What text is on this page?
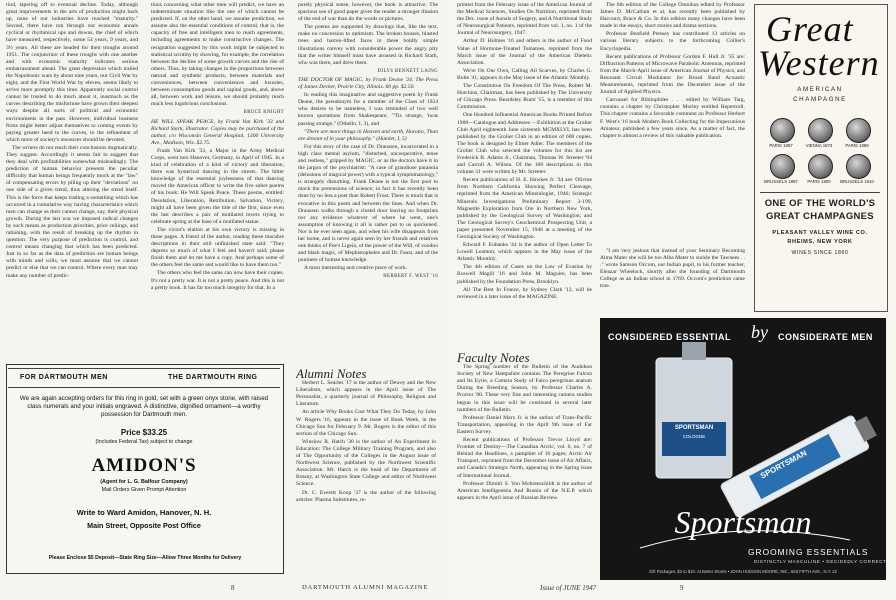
riod, tapering off to eventual decline. Today, although great improvements in the arts of production might back up, none of our industries have reached "maturity." Second, there have run through our economic annals cyclical or rhythmical ups and downs, the chief of which have measured, respectively, some 54 years, 9 years, and 3½ years. All these are headed for their troughs around 1951. The conjuncture of these troughs with one another and with economic maturity indicates serious embarrassment ahead. The great depression which trailed the Napoleonic wars by about nine years, our Civil War by eight, and the First World War by eleven, seems likely to arrive more promptly this time. Apparently social control cannot be trusted to do much about it, inasmuch as the curves describing the misfortune have grown their deepest ways despite all sorts of political and economic environments in the past. However, individual business firms might better adjust themselves to coming events by paying greater heed to the curves, to the refinement of which more of society's resources should be devoted.

The writers do not reach their conclusions dogmatically. They suggest. Accordingly it seems fair to suggest that they deal with profitabilities somewhat misleadingly. The prediction of human behavior presents the peculiar difficulty that human beings frequently mock at the "law" of compensating errors by piling up their "deviations" on one side of a given trend, thus altering the trend itself. This is the force that keeps trading a something which has occurred in a cumulative way having characteristics which men can change as their cannot change, say, their physical growth. During the last war we imposed radical changes by such means as production priorities, price ceilings, and rationing, with the result of breaking up the rhythm in question. The very purpose of prediction is control, and control means changing that which has been predicted. Just in so far as the data of prediction are human beings with minds and wills, we must assume that we cannot predict or else that we can control. Where every man may make any number of predic-

tions concerning what other men will predict, we have an indeterminate situation like the one of which cannot be predicted. If, on the other hand, we assume prediction, we assume also the essential conditions of control, that is, the capacity of free and intelligent men to reach agreements, including agreements to make constructive changes. The resignation suggested by this work might be subjected to statistical scrutiny by showing, for example, the correlation between the decline of some growth curves and the rise of others. Thus, by taking changes in the proportions between natural and synthetic products, between materials and conveniences, between conveniences and luxuries, between consumption goods and capital goods, and, above all, between work and leisure, we should probably reach much less lugubrious conclusions.

BRUCE KNIGHT

HE WILL SPEAK PEACE, by Frank Van Kirk '33 and Richard Stark, illustrator. Copies may be purchased of the author, c/o Wisconsin General Hospital, 1300 University Ave., Madison, Wis. $2.75.

Frank Van Kirk '33, a Major in the Army Medical Corps, went into Hanover, Germany, in April of 1945. In a kind of celebration of a kind of victory and liberation, there was hysterical dancing in the streets. The bitter knowledge of the essential joylessness of that dancing moved the American officer to write the five sober poems of his book: He Will Speak Peace. These poems, entitled: Desolation, Liberation, Retribution, Salvation, Victory, might all have been given the title of the first, since even the last describes a pair of mutilated lovers trying to celebrate spring at the base of a mutilated statue.

The victor's elation at his own victory is missing in these pages. A friend of the author, reading these macabre descriptions in their still unfinished state said: "They depress so much of what I feel and haven't said; please finish them and let me have a copy. And perhaps some of the others feel the same and would like to have them too."

The others who feel the same can now have their copies. It's not a pretty war. It is not a pretty peace. And this is not a pretty book. It has far too much integrity for that. In a

purely physical sense, however, the book is attractive. The spacious use of good paper gives the reader a stronger illusion of the end of war than do the words or pictures.

The poems are supported by drawings that, like the text, make no concession to optimism. The broken houses, blasted trees and barren-lifted faces in these boldly simple illustrations convey with considerable power the angry pity that the writer himself must have aroused in Richard Stark, who was there, and drew them.

DILYS BENNETT LAING

THE DOCTOR OF MAGIC, by Frank Deane '24. The Press of James Decker, Prairie City, Illinois. 60 pp. $2.50.

In reading this imaginative and suggestive poem by Frank Deane, the pseudonym for a member of the Class of 1924 who desires to be nameless, I was reminded of two well known quotations from Shakespeare, "'Tis strange, 'twas passing strange," (Othello, I, 3), and

"There are more things in Heaven and earth, Horatio, Than are dreamt of in your philosophy." (Hamlet, I, 5)

For this story of the case of Dr. Draussen, incarcerated in a high class mental asylum, "disturbed, uncooperative, tense and restless," gripped by MAGIC, or as the doctors have it in the jargon of the psychiatrist: "A case of grandiose paranoia (delusions of magical power) with a typical symptomatology," is strangely disturbing. Frank Deane is not the first poet to mock the pretensions of science; in fact it has recently been done by no less a poet than Robert Frost. There is much that is evocative in this poem and between the lines. And when Dr. Draussen walks through a closed door leaving no footprints nor any evidence whatever of where he went, one's assumption of knowing it all is rather put to us quickened. Nor is he ever seen again, and when his wife disappears from her home, and is never again seen by her friends and relatives one thinks of Poe's Ligeia, of the power of the Will, of voodoo and black magic, of Mephistopheles and Dr. Faust, and of the puniness of human knowledge.

A most interesting and creative piece of work.

HERBERT F. WEST '16
FOR DARTMOUTH MEN	THE DARTMOUTH RING
We are again accepting orders for this ring in gold, set with a green onyx stone, with raised class numerals and your initials engraved. A distinctive, dignified ornament—a worthy possession for Dartmouth men.
Price $33.25
(Includes Federal Tax) subject to change
AMIDON'S
(Agent for L. G. Balfour Company)
Mail Orders Given Prompt Attention
Write to Ward Amidon, Hanover, N. H.
Main Street, Opposite Post Office
Please Enclose $5 Deposit—State Ring Size—Allow Three Months for Delivery
Alumni Notes

Herbert L. Searles '17 is the author of Dewey and the New Liberalism, which appears in the April issue of The Personalist, a quarterly journal of Philosophy, Religion and Literature.

An article Why Books Cost What They Do Today, by John W. Rogers '16, appears in the issue of Book Week, in the Chicago Sun for February 9. Mr. Rogers is the editor of this section of the Chicago Sun.

Winslow R. Hatch '30 is the author of An Experiment in Education: The College Military Training Program, and also of The Opportunity of the Colleges in the August issue of Northwest Science, published by the Northwest Scientific Association. Mr. Hatch is the head of the Department of Botany, at Washington State College and editor of Northwest Science.

Dr. C. Everett Koop '37 is the author of the following articles: Plasma Substitutes, re-

8	DARTMOUTH ALUMNI MAGAZINE

printed from the February issue of the American Journal of the Medical Sciences, Studies On Nutrition, reprinted from the Dec. issue of Annals of Surgery, and A Nutritional Study of Neurosurgical Patients, reprinted from vol. 1, no. 1 of the Journal of Neurosurgery, 1947.

Arthur D. Holmes '16 and others is the author of Food Value of Hormone-Treated Tomatoes, reprinted from the March issue of the Journal of the American Dietetic Association.

We're On Our Own, Calling All Scarves, by Charles G. Bolte '41, appears in the May issue of the Atlantic Monthly.

The Constitution On Freedom Of The Press, Robert M. Hutchins, Chairman, has been published by The University of Chicago Press. Beardsley Ruml '15, is a member of this Commission.

One Hundred Influential American Books Printed Before 1900—Catalogue and Addresses —Exhibition at the Grolier Club April eighteenth June sixteenth MCMXLVI, has been published by the Grolier Club in an edition of 600 copies. The book is designed by Elmer Adler. The members of the Grolier Club who selected the volumes for this list are Frederick B. Adams Jr., Chairman, Thomas W. Streeter '04 and Carroll A. Wilson. Of the 100 descriptions in this volume 31 were written by Mr. Streeter.

Recent publications of H. E. Hawkes Jr. '34 are: Olivine from Northern California Showing Perfect Cleavage, reprinted from the American Mineralogist, 1946; Strategic Minerals Investigations Preliminary Report 3-199, Magnetite Exploration from Ore in Northern New York, published by the Geological Survey of Washington; and The Geological Survey's Geochemical Prospecting Unit, a paper presented November 15, 1946 at a meeting of the Geological Society of Washington.

Edward F. Eubanks '44 is the author of Open Letter To Lowell Leamon, which appears in the May issue of the Atlantic Monthly.

The 4th edition of Cases on the Law of Evasion by Roswell Magill '16 and John M. Maguire, has been published by the Foundation Press, Brooklyn.

All The Best In France, by Sydney Clark '12, will be reviewed in a later issue of the MAGAZINE.

Faculty Notes

The Spring number of the Bulletin of the Audubon Society of New Hampshire contains The Peregrine Falcon and Its Eyrie, a Camera Study of Falco peregrinus anatum During the Breeding Season, by Professor Charles A. Proctor '00. These very fine and interesting camera studies begun in this issue will be continued in several later numbers of the Bulletin.

Professor Daniel Marx Jr. is the author of Trans-Pacific Transportation, appearing in the April 9th issue of Far Eastern Survey.

Recent publications of Professor Trevor Lloyd are: Frontier of Destiny—The Canadian Arctic, vol. 6, no. 7 of Behind the Headlines, a pamphlet of 16 pages; Arctic Air Transport, reprinted from the December issue of Air Affairs, and Canada's Strategic North, appearing in the Spring issue of International Journal.

Professor Dimitri S. Von Mohrenschildt is the author of American Intelligentsia And Russia of the N.E.P. which appears in the April issue of Russian Review.

The 6th edition of the College Omnibus edited by Professor James D. McCallum et al, has recently been published by Harcourt, Brace & Co. In this edition many changes have been made in the essays, short stories and drama sections.

Professor Benfield Pressey has contributed 13 articles on various literary subjects to the forthcoming Collier's Encyclopedia.

Recent publications of Professor Gordon F. Hull Jr. '35 are: Diffraction Patterns of Microwave Parabolic Antennas, reprinted from the March-April issue of American Journal of Physics, and Resonant Circuit Modulator for Broad Band Acoustic Measurements, reprinted from the December issue of the Journal of Applied Physics.

Carrousel for Bibliophiles . . . edited by William Targ, contains a chapter by Christopher Morley entitled Repertoril. This chapter contains a favorable comment on Professor Herbert F. West's '16 book Modern Book Collecting for the Impecunious Amateur, published a few years since. As a matter of fact, the chapter is almost a review of this valuable publication.

"I am very jealous that instead of your Seminary Becoming Alma Mater she will be too Alba Mater to suckle the Tawnees . . ." wrote Samson Occom, our Indian pupil, to his former teacher, Eleazar Wheelock, shortly after the founding of Dartmouth College as an Indian school in 1769. Occom's prediction came true.

Great
Western
AMERICAN
CHAMPAGNE
PARIS 1867	VIENNA 1873	PARIS 1889
BRUSSELS 1897	PARIS 1900	BRUSSELS 1910
ONE OF THE WORLD'S
GREAT CHAMPAGNES
PLEASANT VALLEY WINE CO.
RHEIMS, NEW YORK
WINES SINCE 1860
CONSIDERED ESSENTIAL by CONSIDERATE MEN
SPORTSMAN
COLOGNE
SPORTSMAN
Sportsman
GROOMING ESSENTIALS
DISTINCTLY MASCULINE • DECIDEDLY CORRECT
Gift Packages, $2 to $10. At Better Stores • JOHN HUDSON MOORE, INC., 663 FIFTH AVE., N.Y. 22
Issue of JUNE 1947	9
